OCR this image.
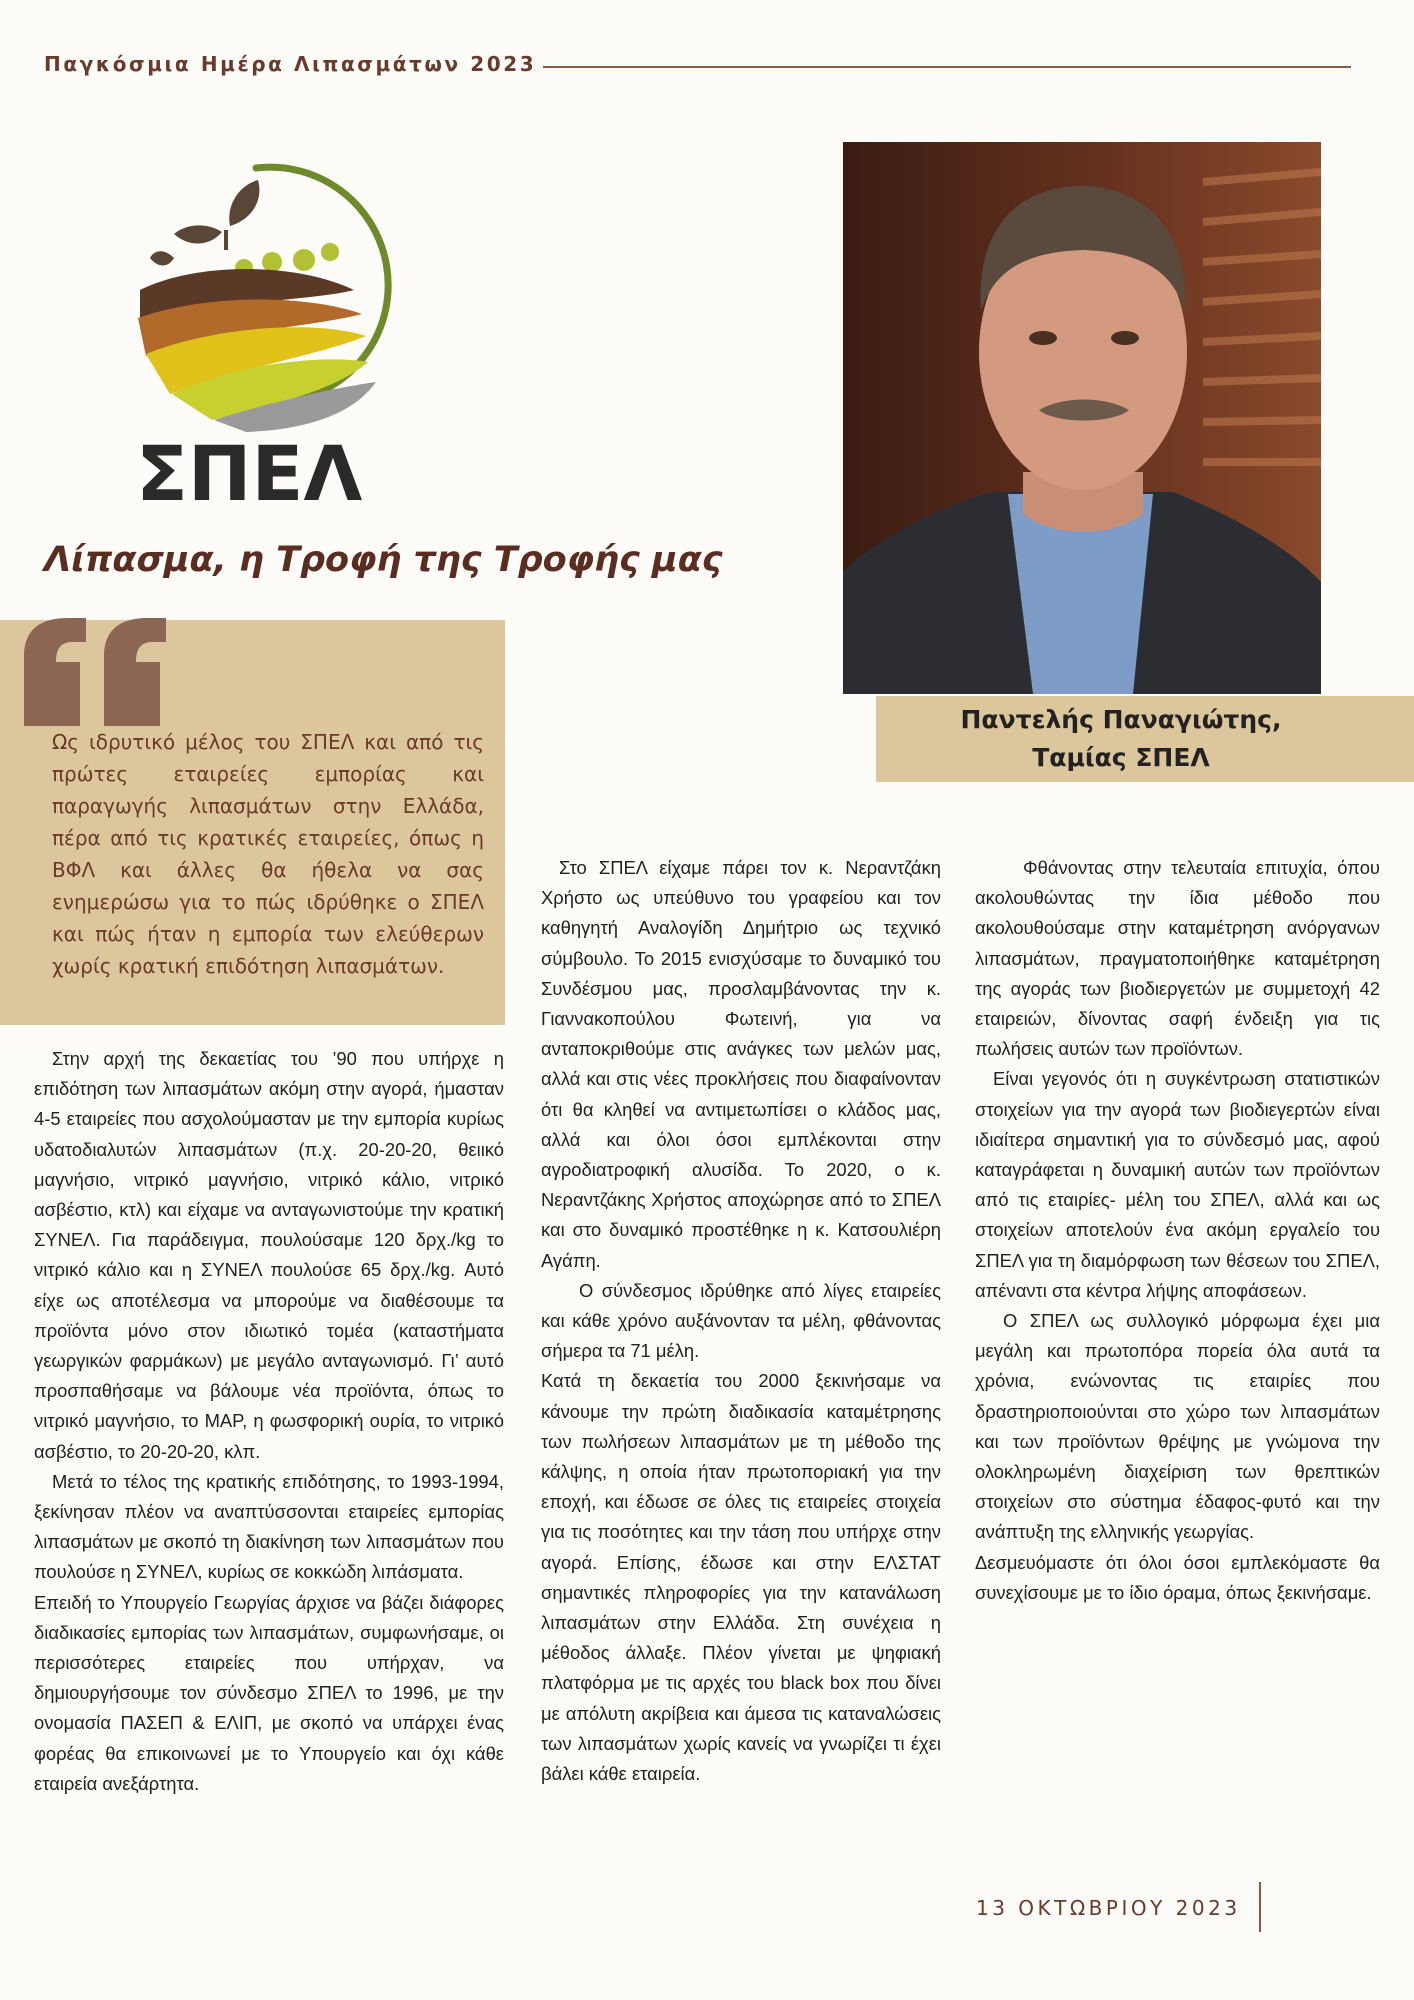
Παγκόσμια Ημέρα Λιπασμάτων 2023
ΣΠΕΛ
Λίπασμα, η Τροφή της Τροφής μας
Ως ιδρυτικό μέλος του ΣΠΕΛ και από τις πρώτες εταιρείες εμπορίας και παραγωγής λιπασμάτων στην Ελλάδα, πέρα από τις κρατικές εταιρείες, όπως η ΒΦΛ και άλλες θα ήθελα να σας ενημερώσω για το πώς ιδρύθηκε ο ΣΠΕΛ και πώς ήταν η εμπορία των ελεύθερων χωρίς κρατική επιδότηση λιπασμάτων.
Παντελής Παναγιώτης,
Ταμίας ΣΠΕΛ

Στην αρχή της δεκαετίας του ’90 που υπήρχε η επιδότηση των λιπασμάτων ακόμη στην αγορά, ήμασταν 4-5 εταιρείες που ασχολούμασταν με την εμπορία κυρίως υδατοδιαλυτών λιπασμάτων (π.χ. 20-20-20, θειικό μαγνήσιο, νιτρικό μαγνήσιο, νιτρικό κάλιο, νιτρικό ασβέστιο, κτλ) και είχαμε να ανταγωνιστούμε την κρατική ΣΥΝΕΛ. Για παράδειγμα, πουλούσαμε 120 δρχ./kg το νιτρικό κάλιο και η ΣΥΝΕΛ πουλούσε 65 δρχ./kg. Αυτό είχε ως αποτέλεσμα να μπορούμε να διαθέσουμε τα προϊόντα μόνο στον ιδιωτικό τομέα (καταστήματα γεωργικών φαρμάκων) με μεγάλο ανταγωνισμό. Γι’ αυτό προσπαθήσαμε να βάλουμε νέα προϊόντα, όπως το νιτρικό μαγνήσιο, το MAP, η φωσφορική ουρία, το νιτρικό ασβέστιο, το 20-20-20, κλπ.

Μετά το τέλος της κρατικής επιδότησης, το 1993-1994, ξεκίνησαν πλέον να αναπτύσσονται εταιρείες εμπορίας λιπασμάτων με σκοπό τη διακίνηση των λιπασμάτων που πουλούσε η ΣΥΝΕΛ, κυρίως σε κοκκώδη λιπάσματα.

Επειδή το Υπουργείο Γεωργίας άρχισε να βάζει διάφορες διαδικασίες εμπορίας των λιπασμάτων, συμφωνήσαμε, οι περισσότερες εταιρείες που υπήρχαν, να δημιουργήσουμε τον σύνδεσμο ΣΠΕΛ το 1996, με την ονομασία ΠΑΣΕΠ & ΕΛΙΠ, με σκοπό να υπάρχει ένας φορέας θα επικοινωνεί με το Υπουργείο και όχι κάθε εταιρεία ανεξάρτητα.

Στο ΣΠΕΛ είχαμε πάρει τον κ. Νεραντζάκη Χρήστο ως υπεύθυνο του γραφείου και τον καθηγητή Αναλογίδη Δημήτριο ως τεχνικό σύμβουλο. Το 2015 ενισχύσαμε το δυναμικό του Συνδέσμου μας, προσλαμβάνοντας την κ. Γιαννακοπούλου Φωτεινή, για να ανταποκριθούμε στις ανάγκες των μελών μας, αλλά και στις νέες προκλήσεις που διαφαίνονταν ότι θα κληθεί να αντιμετωπίσει ο κλάδος μας, αλλά και όλοι όσοι εμπλέκονται στην αγροδιατροφική αλυσίδα. Το 2020, ο κ. Νεραντζάκης Χρήστος αποχώρησε από το ΣΠΕΛ και στο δυναμικό προστέθηκε η κ. Κατσουλιέρη Αγάπη.

Ο σύνδεσμος ιδρύθηκε από λίγες εταιρείες και κάθε χρόνο αυξάνονταν τα μέλη, φθάνοντας σήμερα τα 71 μέλη.

Κατά τη δεκαετία του 2000 ξεκινήσαμε να κάνουμε την πρώτη διαδικασία καταμέτρησης των πωλήσεων λιπασμάτων με τη μέθοδο της κάλψης, η οποία ήταν πρωτοποριακή για την εποχή, και έδωσε σε όλες τις εταιρείες στοιχεία για τις ποσότητες και την τάση που υπήρχε στην αγορά. Επίσης, έδωσε και στην ΕΛΣΤΑΤ σημαντικές πληροφορίες για την κατανάλωση λιπασμάτων στην Ελλάδα. Στη συνέχεια η μέθοδος άλλαξε. Πλέον γίνεται με ψηφιακή πλατφόρμα με τις αρχές του black box που δίνει με απόλυτη ακρίβεια και άμεσα τις καταναλώσεις των λιπασμάτων χωρίς κανείς να γνωρίζει τι έχει βάλει κάθε εταιρεία.

Φθάνοντας στην τελευταία επιτυχία, όπου ακολουθώντας την ίδια μέθοδο που ακολουθούσαμε στην καταμέτρηση ανόργανων λιπασμάτων, πραγματοποιήθηκε καταμέτρηση της αγοράς των βιοδιεργετών με συμμετοχή 42 εταιρειών, δίνοντας σαφή ένδειξη για τις πωλήσεις αυτών των προϊόντων.

Είναι γεγονός ότι η συγκέντρωση στατιστικών στοιχείων για την αγορά των βιοδιεγερτών είναι ιδιαίτερα σημαντική για το σύνδεσμό μας, αφού καταγράφεται η δυναμική αυτών των προϊόντων από τις εταιρίες- μέλη του ΣΠΕΛ, αλλά και ως στοιχείων αποτελούν ένα ακόμη εργαλείο του ΣΠΕΛ για τη διαμόρφωση των θέσεων του ΣΠΕΛ, απέναντι στα κέντρα λήψης αποφάσεων.

Ο ΣΠΕΛ ως συλλογικό μόρφωμα έχει μια μεγάλη και πρωτοπόρα πορεία όλα αυτά τα χρόνια, ενώνοντας τις εταιρίες που δραστηριοποιούνται στο χώρο των λιπασμάτων και των προϊόντων θρέψης με γνώμονα την ολοκληρωμένη διαχείριση των θρεπτικών στοιχείων στο σύστημα έδαφος-φυτό και την ανάπτυξη της ελληνικής γεωργίας.

Δεσμευόμαστε ότι όλοι όσοι εμπλεκόμαστε θα συνεχίσουμε με το ίδιο όραμα, όπως ξεκινήσαμε.

13 ΟΚΤΩΒΡΙΟΥ 2023
